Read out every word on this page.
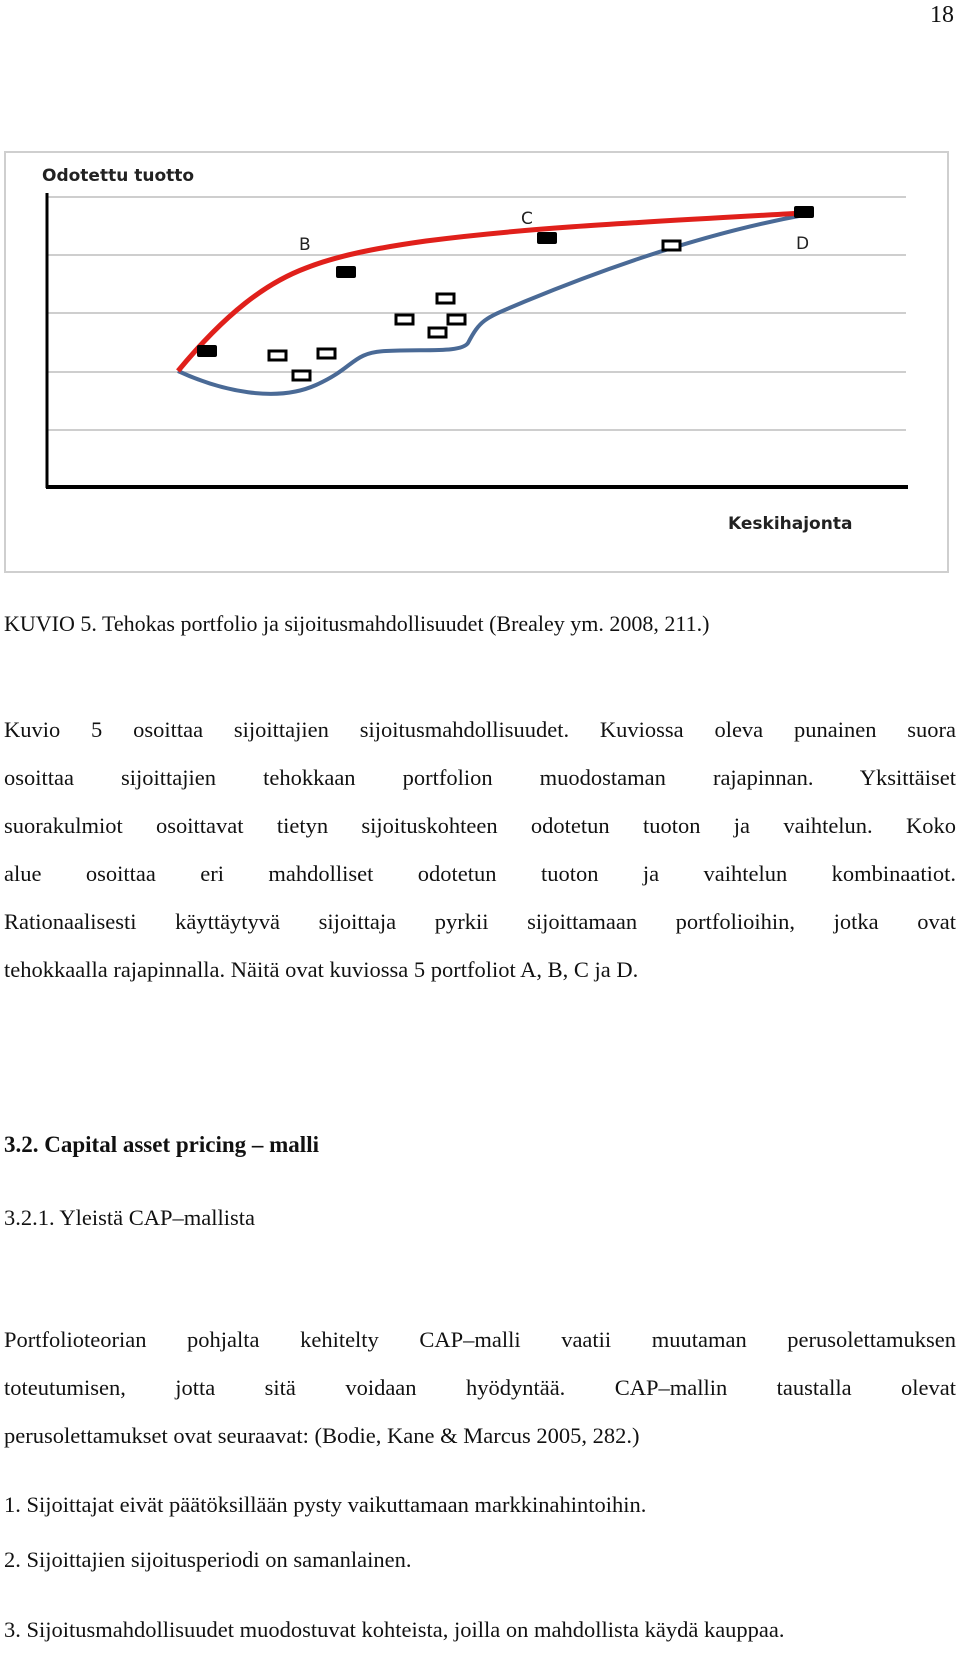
18
Odotettu tuotto
Keskihajonta
B
C
D
KUVIO 5. Tehokas portfolio ja sijoitusmahdollisuudet (Brealey ym. 2008, 211.)

Kuvio 5 osoittaa sijoittajien sijoitusmahdollisuudet. Kuviossa oleva punainen suora
osoittaa sijoittajien tehokkaan portfolion muodostaman rajapinnan. Yksittäiset
suorakulmiot osoittavat tietyn sijoituskohteen odotetun tuoton ja vaihtelun. Koko
alue osoittaa eri mahdolliset odotetun tuoton ja vaihtelun kombinaatiot.
Rationaalisesti käyttäytyvä sijoittaja pyrkii sijoittamaan portfolioihin, jotka ovat
tehokkaalla rajapinnalla. Näitä ovat kuviossa 5 portfoliot A, B, C ja D.

3.2. Capital asset pricing – malli
3.2.1. Yleistä CAP–mallista

Portfolioteorian pohjalta kehitelty CAP–malli vaatii muutaman perusolettamuksen
toteutumisen, jotta sitä voidaan hyödyntää. CAP–mallin taustalla olevat
perusolettamukset ovat seuraavat: (Bodie, Kane & Marcus 2005, 282.)

1. Sijoittajat eivät päätöksillään pysty vaikuttamaan markkinahintoihin.
2. Sijoittajien sijoitusperiodi on samanlainen.
3. Sijoitusmahdollisuudet muodostuvat kohteista, joilla on mahdollista käydä kauppaa.
